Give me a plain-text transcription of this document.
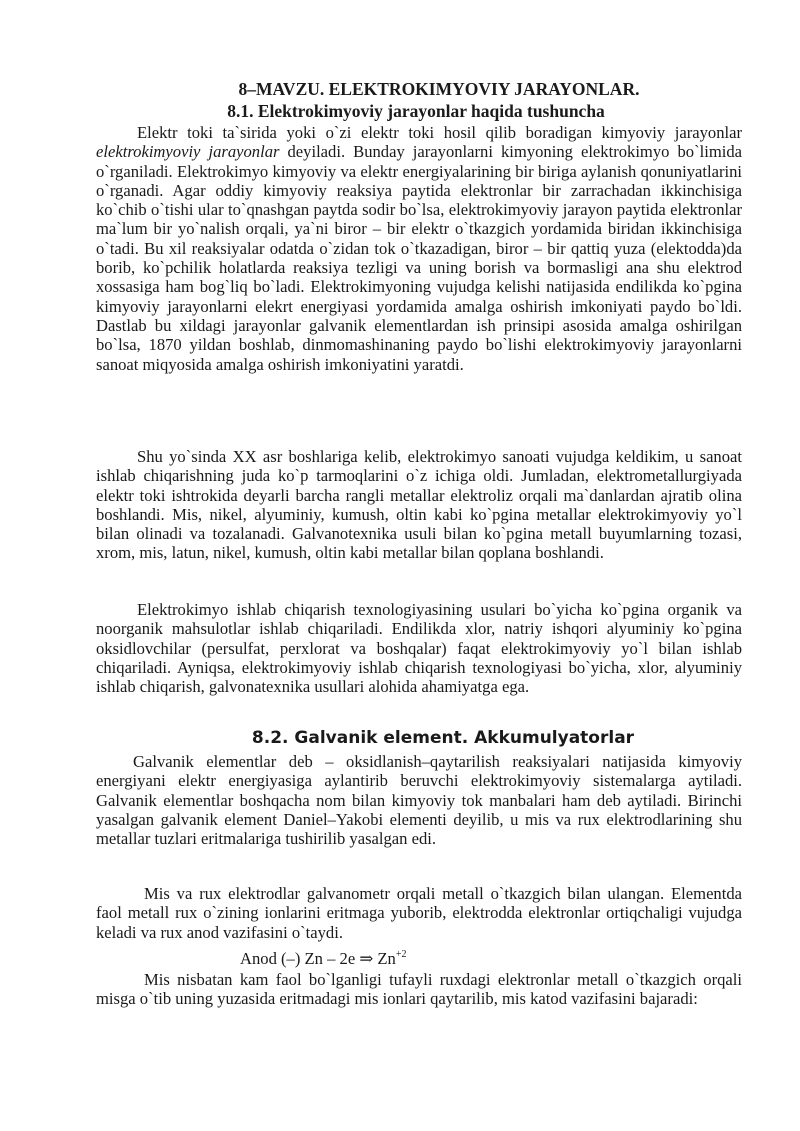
8–MAVZU. ELEKTROKIMYOVIY JARAYONLAR.
8.1. Elektrokimyoviy jarayonlar haqida tushuncha

Elektr toki ta`sirida yoki o`zi elektr toki hosil qilib boradigan kimyoviy jarayonlar elektrokimyoviy jarayonlar deyiladi. Bunday jarayonlarni kimyoning elektrokimyo bo`limida o`rganiladi. Elektrokimyo kimyoviy va elektr energiyalarining bir biriga aylanish qonuniyatlarini o`rganadi. Agar oddiy kimyoviy reaksiya paytida elektronlar bir zarrachadan ikkinchisiga ko`chib o`tishi ular to`qnashgan paytda sodir bo`lsa, elektrokimyoviy jarayon paytida elektronlar ma`lum bir yo`nalish orqali, ya`ni biror – bir elektr o`tkazgich yordamida biridan ikkinchisiga o`tadi. Bu xil reaksiyalar odatda o`zidan tok o`tkazadigan, biror – bir qattiq yuza (elektodda)da borib, ko`pchilik holatlarda reaksiya tezligi va uning borish va bormasligi ana shu elektrod xossasiga ham bog`liq bo`ladi. Elektrokimyoning vujudga kelishi natijasida endilikda ko`pgina kimyoviy jarayonlarni elekrt energiyasi yordamida amalga oshirish imkoniyati paydo bo`ldi. Dastlab bu xildagi jarayonlar galvanik elementlardan ish prinsipi asosida amalga oshirilgan bo`lsa, 1870 yildan boshlab, dinmomashinaning paydo bo`lishi elektrokimyoviy jarayonlarni sanoat miqyosida amalga oshirish imkoniyatini yaratdi.

Shu yo`sinda XX asr boshlariga kelib, elektrokimyo sanoati vujudga keldikim, u sanoat ishlab chiqarishning juda ko`p tarmoqlarini o`z ichiga oldi. Jumladan, elektrometallurgiyada elektr toki ishtrokida deyarli barcha rangli metallar elektroliz orqali ma`danlardan ajratib olina boshlandi. Mis, nikel, alyuminiy, kumush, oltin kabi ko`pgina metallar elektrokimyoviy yo`l bilan olinadi va tozalanadi. Galvanotexnika usuli bilan ko`pgina metall buyumlarning tozasi, xrom, mis, latun, nikel, kumush, oltin kabi metallar bilan qoplana boshlandi.

Elektrokimyo ishlab chiqarish texnologiyasining usulari bo`yicha ko`pgina organik va noorganik mahsulotlar ishlab chiqariladi. Endilikda xlor, natriy ishqori alyuminiy ko`pgina oksidlovchilar (persulfat, perxlorat va boshqalar) faqat elektrokimyoviy yo`l bilan ishlab chiqariladi. Ayniqsa, elektrokimyoviy ishlab chiqarish texnologiyasi bo`yicha, xlor, alyuminiy ishlab chiqarish, galvonatexnika usullari alohida ahamiyatga ega.

8.2. Galvanik element. Akkumulyatorlar

Galvanik elementlar deb – oksidlanish–qaytarilish reaksiyalari natijasida kimyoviy energiyani elektr energiyasiga aylantirib beruvchi elektrokimyoviy sistemalarga aytiladi. Galvanik elementlar boshqacha nom bilan kimyoviy tok manbalari ham deb aytiladi. Birinchi yasalgan galvanik element Daniel–Yakobi elementi deyilib, u mis va rux elektrodlarining shu metallar tuzlari eritmalariga tushirilib yasalgan edi.

Mis va rux elektrodlar galvanometr orqali metall o`tkazgich bilan ulangan. Elementda faol metall rux o`zining ionlarini eritmaga yuborib, elektrodda elektronlar ortiqchaligi vujudga keladi va rux anod vazifasini o`taydi.

Anod (–) Zn – 2e ⇒ $Zn^{+2}$

Mis nisbatan kam faol bo`lganligi tufayli ruxdagi elektronlar metall o`tkazgich orqali misga o`tib uning yuzasida eritmadagi mis ionlari qaytarilib, mis katod vazifasini bajaradi:
